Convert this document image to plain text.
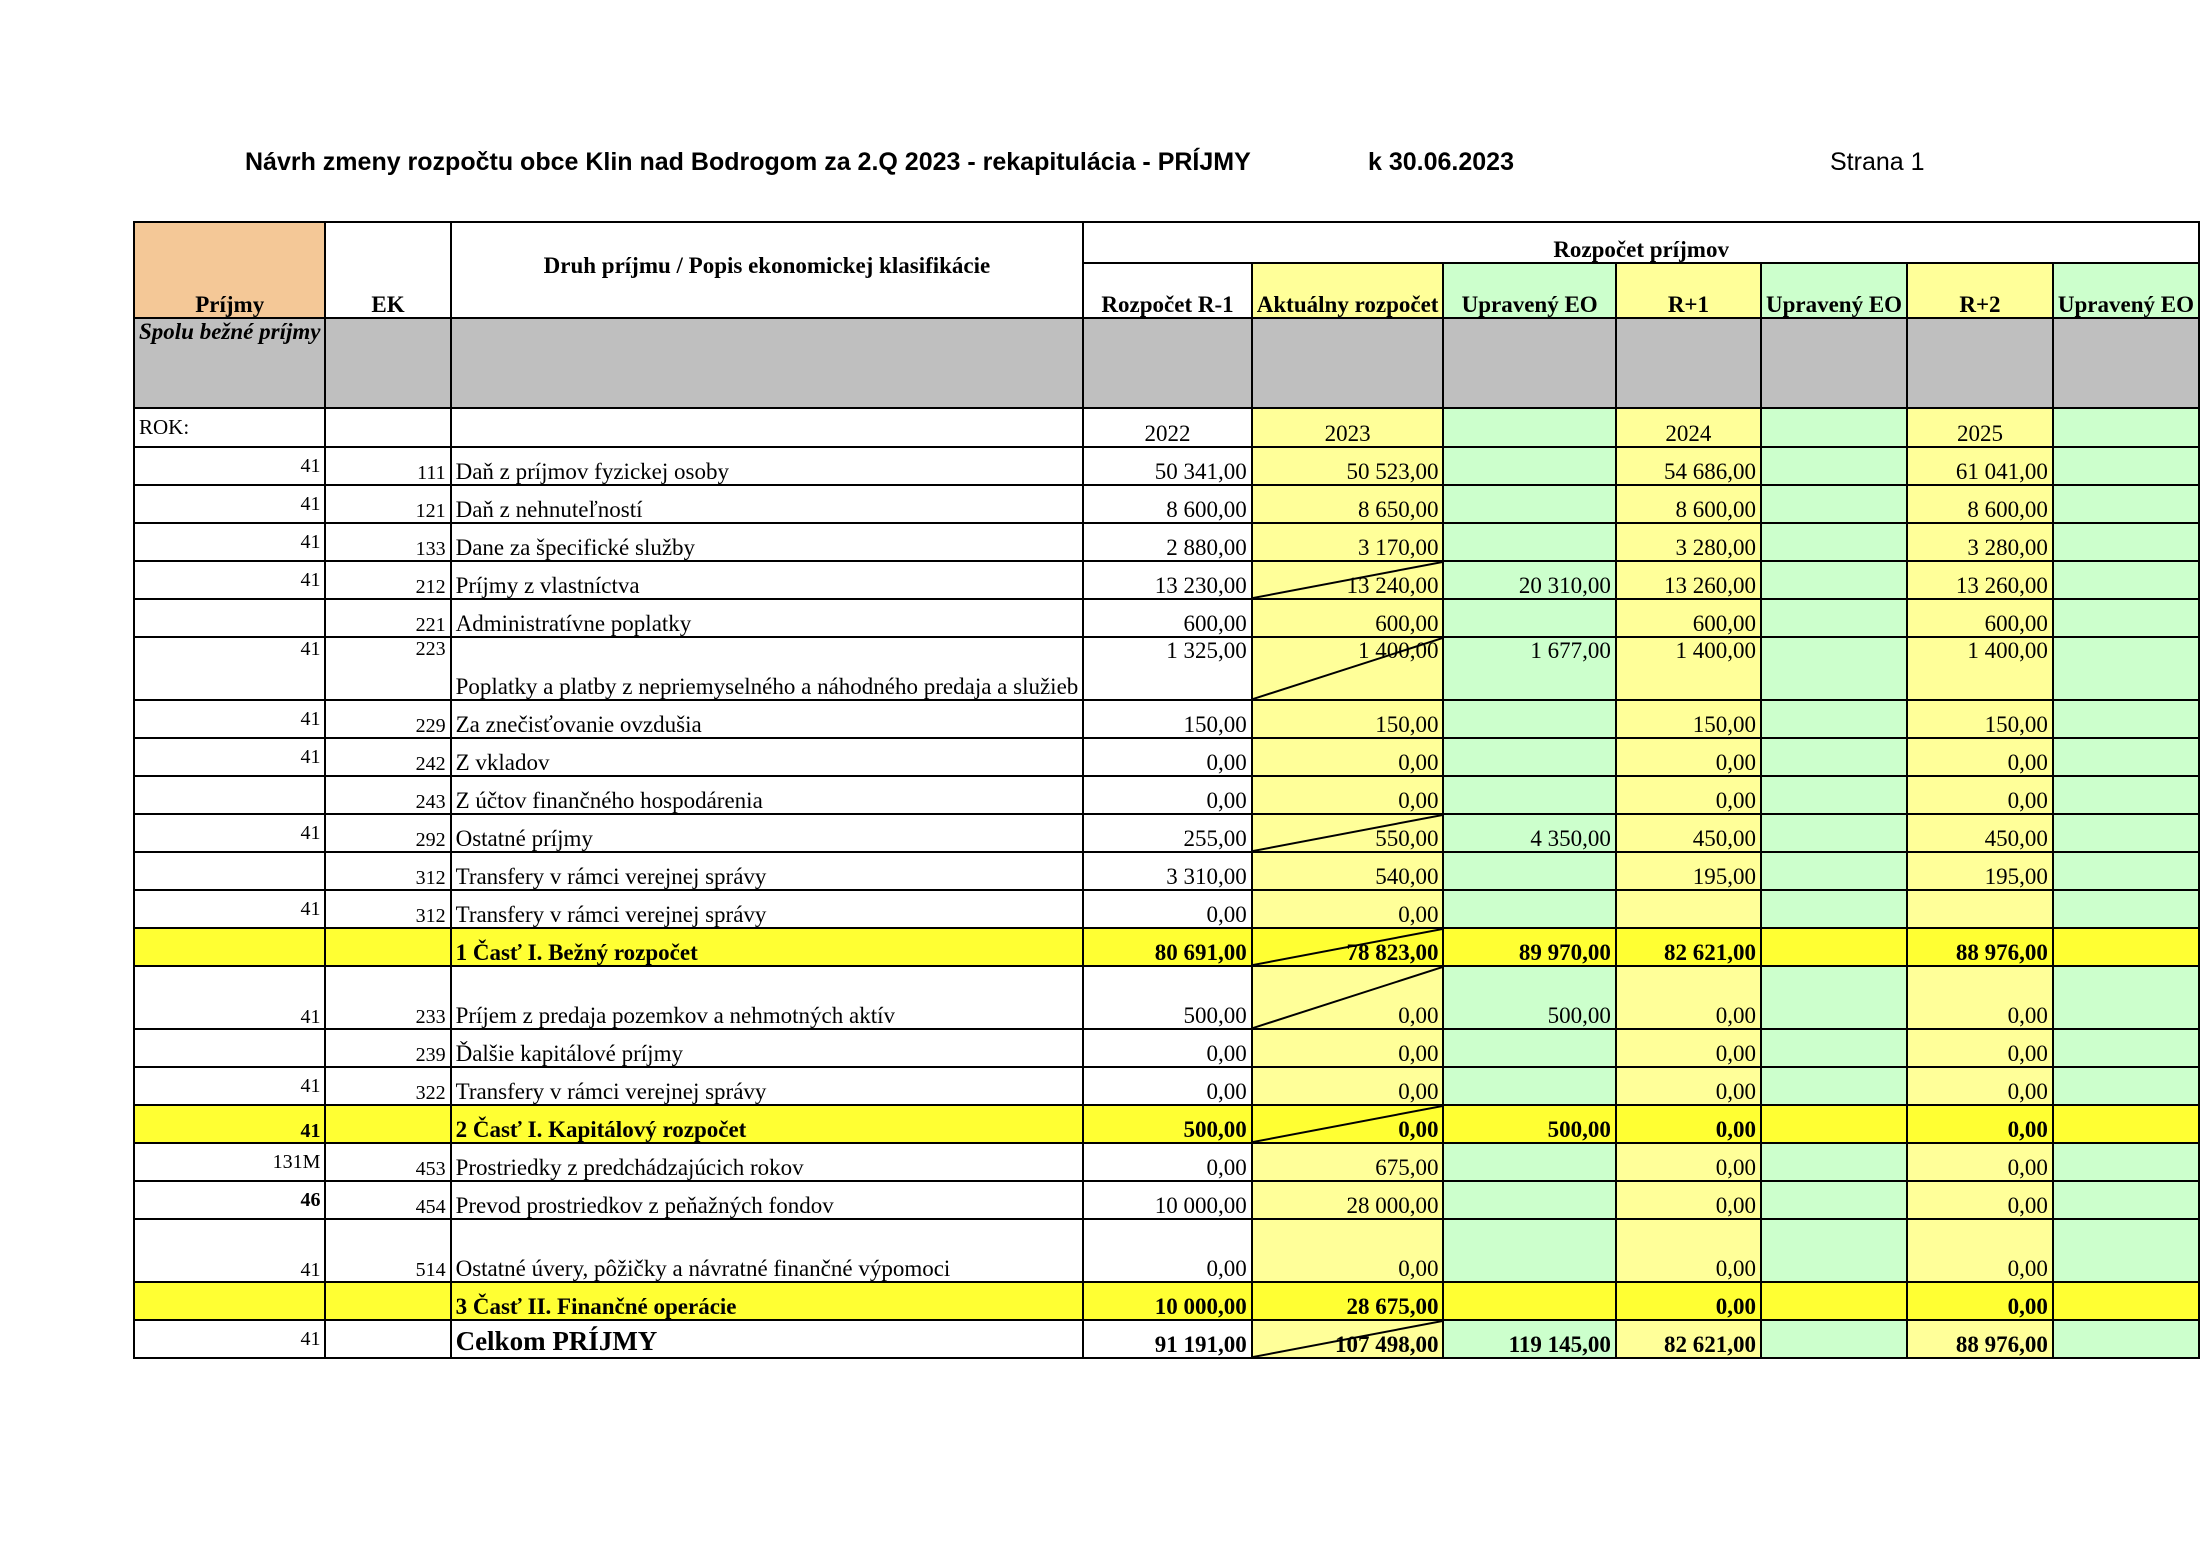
Návrh zmeny rozpočtu obce Klin nad Bodrogom za 2.Q 2023 - rekapitulácia - PRÍJMY	k 30.06.2023	Strana 1
Príjmy	EK	Druh príjmu / Popis ekonomickej klasifikácie	Rozpočet príjmov						
			Rozpočet R-1	Aktuálny rozpočet	Upravený EO	R+1	Upravený EO	R+2	Upravený EO
Spolu bežné príjmy									
ROK:			2022	2023		2024		2025	
41	111	Daň z príjmov fyzickej osoby	50 341,00	50 523,00		54 686,00		61 041,00	
41	121	Daň z nehnuteľností	8 600,00	8 650,00		8 600,00		8 600,00	
41	133	Dane za špecifické služby	2 880,00	3 170,00		3 280,00		3 280,00	
41	212	Príjmy z vlastníctva	13 230,00	13 240,00	20 310,00	13 260,00		13 260,00	
	221	Administratívne poplatky	600,00	600,00		600,00		600,00	
41	223	Poplatky a platby z nepriemyselného a náhodného predaja a služieb	1 325,00	1 400,00	1 677,00	1 400,00		1 400,00	
41	229	Za znečisťovanie ovzdušia	150,00	150,00		150,00		150,00	
41	242	Z vkladov	0,00	0,00		0,00		0,00	
	243	Z účtov finančného hospodárenia	0,00	0,00		0,00		0,00	
41	292	Ostatné príjmy	255,00	550,00	4 350,00	450,00		450,00	
	312	Transfery v rámci verejnej správy	3 310,00	540,00		195,00		195,00	
41	312	Transfery v rámci verejnej správy	0,00	0,00					
		1 Časť I. Bežný rozpočet	80 691,00	78 823,00	89 970,00	82 621,00		88 976,00	
41	233	Príjem z predaja pozemkov a nehmotných aktív	500,00	0,00	500,00	0,00		0,00	
	239	Ďalšie kapitálové príjmy	0,00	0,00		0,00		0,00	
41	322	Transfery v rámci verejnej správy	0,00	0,00		0,00		0,00	
41		2 Časť I. Kapitálový rozpočet	500,00	0,00	500,00	0,00		0,00	
131M	453	Prostriedky z predchádzajúcich rokov	0,00	675,00		0,00		0,00	
46	454	Prevod prostriedkov z peňažných fondov	10 000,00	28 000,00		0,00		0,00	
41	514	Ostatné úvery, pôžičky a návratné finančné výpomoci	0,00	0,00		0,00		0,00	
		3 Časť II. Finančné operácie	10 000,00	28 675,00		0,00		0,00	
41		Celkom PRÍJMY	91 191,00	107 498,00	119 145,00	82 621,00		88 976,00	
